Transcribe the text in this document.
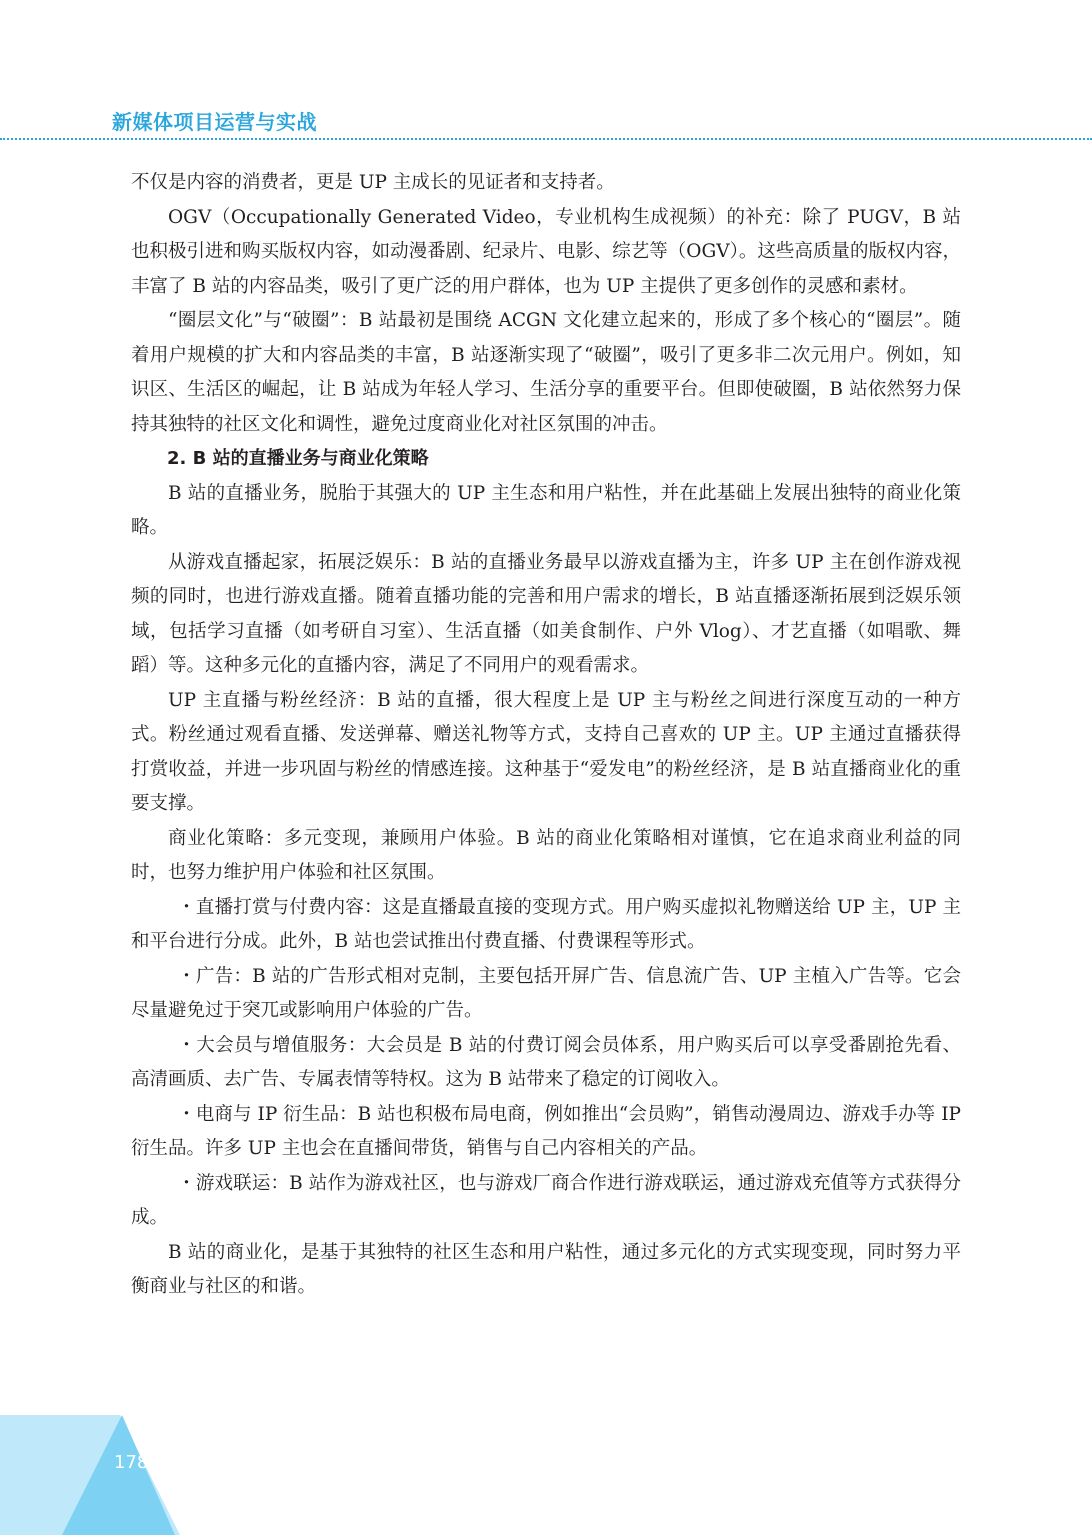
新媒体项目运营与实战

不仅是内容的消费者，更是 UP 主成长的见证者和支持者。

OGV（Occupationally Generated Video，专业机构生成视频）的补充：除了 PUGV，B 站也积极引进和购买版权内容，如动漫番剧、纪录片、电影、综艺等（OGV）。这些高质量的版权内容，丰富了 B 站的内容品类，吸引了更广泛的用户群体，也为 UP 主提供了更多创作的灵感和素材。

“圈层文化”与“破圈”：B 站最初是围绕 ACGN 文化建立起来的，形成了多个核心的“圈层”。随着用户规模的扩大和内容品类的丰富，B 站逐渐实现了“破圈”，吸引了更多非二次元用户。例如，知识区、生活区的崛起，让 B 站成为年轻人学习、生活分享的重要平台。但即使破圈，B 站依然努力保持其独特的社区文化和调性，避免过度商业化对社区氛围的冲击。

2. B 站的直播业务与商业化策略

B 站的直播业务，脱胎于其强大的 UP 主生态和用户粘性，并在此基础上发展出独特的商业化策略。

从游戏直播起家，拓展泛娱乐：B 站的直播业务最早以游戏直播为主，许多 UP 主在创作游戏视频的同时，也进行游戏直播。随着直播功能的完善和用户需求的增长，B 站直播逐渐拓展到泛娱乐领域，包括学习直播（如考研自习室）、生活直播（如美食制作、户外 Vlog）、才艺直播（如唱歌、舞蹈）等。这种多元化的直播内容，满足了不同用户的观看需求。

UP 主直播与粉丝经济：B 站的直播，很大程度上是 UP 主与粉丝之间进行深度互动的一种方式。粉丝通过观看直播、发送弹幕、赠送礼物等方式，支持自己喜欢的 UP 主。UP 主通过直播获得打赏收益，并进一步巩固与粉丝的情感连接。这种基于“爱发电”的粉丝经济，是 B 站直播商业化的重要支撑。

商业化策略：多元变现，兼顾用户体验。B 站的商业化策略相对谨慎，它在追求商业利益的同时，也努力维护用户体验和社区氛围。

・直播打赏与付费内容：这是直播最直接的变现方式。用户购买虚拟礼物赠送给 UP 主，UP 主和平台进行分成。此外，B 站也尝试推出付费直播、付费课程等形式。

・广告：B 站的广告形式相对克制，主要包括开屏广告、信息流广告、UP 主植入广告等。它会尽量避免过于突兀或影响用户体验的广告。

・大会员与增值服务：大会员是 B 站的付费订阅会员体系，用户购买后可以享受番剧抢先看、高清画质、去广告、专属表情等特权。这为 B 站带来了稳定的订阅收入。

・电商与 IP 衍生品：B 站也积极布局电商，例如推出“会员购”，销售动漫周边、游戏手办等 IP 衍生品。许多 UP 主也会在直播间带货，销售与自己内容相关的产品。

・游戏联运：B 站作为游戏社区，也与游戏厂商合作进行游戏联运，通过游戏充值等方式获得分成。

B 站的商业化，是基于其独特的社区生态和用户粘性，通过多元化的方式实现变现，同时努力平衡商业与社区的和谐。

178
